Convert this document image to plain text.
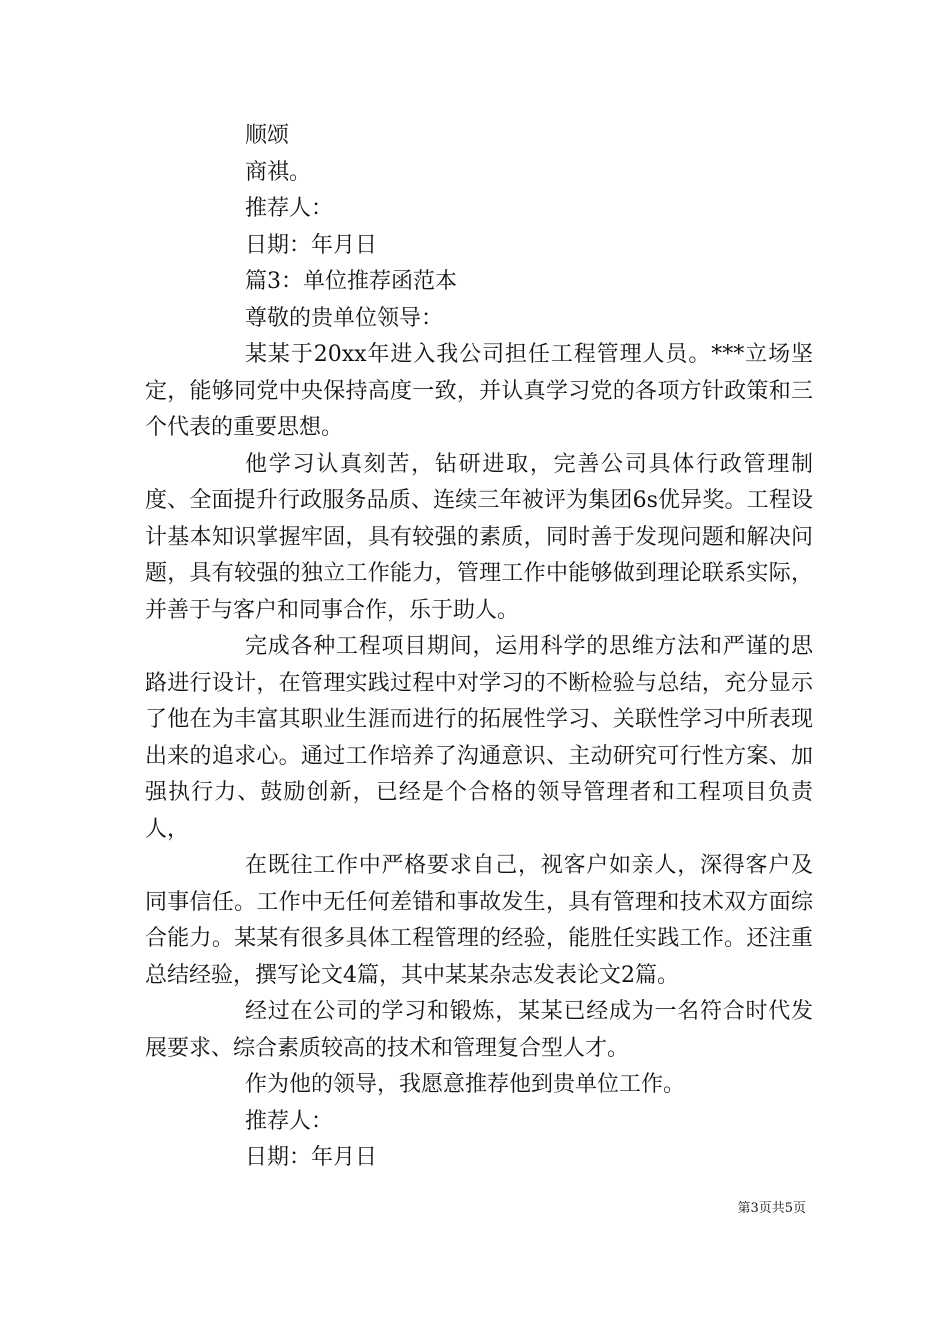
顺颂

商祺。

推荐人：

日期：年月日

篇3：单位推荐函范本

尊敬的贵单位领导：

某某于20xx年进入我公司担任工程管理人员。***立场坚定，能够同党中央保持高度一致，并认真学习党的各项方针政策和三个代表的重要思想。

他学习认真刻苦，钻研进取，完善公司具体行政管理制度、全面提升行政服务品质、连续三年被评为集团6s优异奖。工程设计基本知识掌握牢固，具有较强的素质，同时善于发现问题和解决问题，具有较强的独立工作能力，管理工作中能够做到理论联系实际，并善于与客户和同事合作，乐于助人。

完成各种工程项目期间，运用科学的思维方法和严谨的思路进行设计，在管理实践过程中对学习的不断检验与总结，充分显示了他在为丰富其职业生涯而进行的拓展性学习、关联性学习中所表现出来的追求心。通过工作培养了沟通意识、主动研究可行性方案、加强执行力、鼓励创新，已经是个合格的领导管理者和工程项目负责人，

在既往工作中严格要求自己，视客户如亲人，深得客户及同事信任。工作中无任何差错和事故发生，具有管理和技术双方面综合能力。某某有很多具体工程管理的经验，能胜任实践工作。还注重总结经验，撰写论文4篇，其中某某杂志发表论文2篇。

经过在公司的学习和锻炼，某某已经成为一名符合时代发展要求、综合素质较高的技术和管理复合型人才。

作为他的领导，我愿意推荐他到贵单位工作。

推荐人：

日期：年月日

第3页共5页
